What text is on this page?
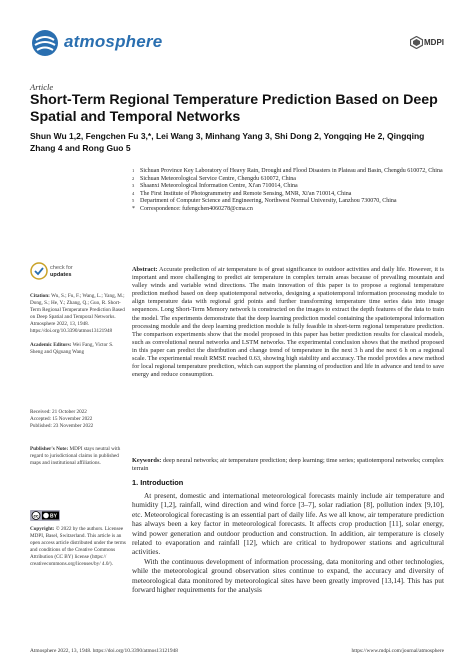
atmosphere	MDPI
Article
Short-Term Regional Temperature Prediction Based on Deep Spatial and Temporal Networks
Shun Wu 1,2, Fengchen Fu 3,*, Lei Wang 3, Minhang Yang 3, Shi Dong 2, Yongqing He 2, Qingqing Zhang 4 and Rong Guo 5
1 Sichuan Province Key Laboratory of Heavy Rain, Drought and Flood Disasters in Plateau and Basin, Chengdu 610072, China
2 Sichuan Meteorological Service Centre, Chengdu 610072, China
3 Shaanxi Meteorological Information Centre, Xi'an 710014, China
4 The First Institute of Photogrammetry and Remote Sensing, MNR, Xi'an 710014, China
5 Department of Computer Science and Engineering, Northwest Normal University, Lanzhou 730070, China
* Correspondence: fufengchen4060278@cma.cn
Abstract: Accurate prediction of air temperature is of great significance to outdoor activities and daily life. However, it is important and more challenging to predict air temperature in complex terrain areas because of prevailing mountain and valley winds and variable wind directions. The main innovation of this paper is to propose a regional temperature prediction method based on deep spatiotemporal networks, designing a spatiotemporal information processing module to align temperature data with regional grid points and further transforming temperature time series data into image sequences. Long Short-Term Memory network is constructed on the images to extract the depth features of the data to train the model. The experiments demonstrate that the deep learning prediction model containing the spatiotemporal information processing module and the deep learning prediction module is fully feasible in short-term regional temperature prediction. The comparison experiments show that the model proposed in this paper has better prediction results for classical models, such as convolutional neural networks and LSTM networks. The experimental conclusion shows that the method proposed in this paper can predict the distribution and change trend of temperature in the next 3 h and the next 6 h on a regional scale. The experimental result RMSE reached 0.63, showing high stability and accuracy. The model provides a new method for local regional temperature prediction, which can support the planning of production and life in advance and tend to save energy and reduce consumption.
Keywords: deep neural networks; air temperature prediction; deep learning; time series; spatiotemporal networks; complex terrain
check for
updates
Citation: Wu, S.; Fu, F.; Wang, L.; Yang, M.; Dong, S.; He, Y.; Zhang, Q.; Guo, R. Short-Term Regional Temperature Prediction Based on Deep Spatial and Temporal Networks. Atmosphere 2022, 13, 1948. https://doi.org/10.3390/atmos13121948

Academic Editors: Wei Fang, Victor S. Sheng and Qiguang Wang
Received: 21 October 2022
Accepted: 15 November 2022
Published: 23 November 2022
Publisher's Note: MDPI stays neutral with regard to jurisdictional claims in published maps and institutional affiliations.
cc BY
Copyright: © 2022 by the authors. Licensee MDPI, Basel, Switzerland. This article is an open access article distributed under the terms and conditions of the Creative Commons Attribution (CC BY) license (https:// creativecommons.org/licenses/by/ 4.0/).
1. Introduction

At present, domestic and international meteorological forecasts mainly include air temperature and humidity [1,2], rainfall, wind direction and wind force [3–7], solar radiation [8], pollution index [9,10], etc. Meteorological forecasting is an essential part of daily life. As we all know, air temperature prediction has always been a key factor in meteorological forecasts. It affects crop production [11], solar energy, wind power generation and outdoor production and construction. In addition, air temperature is closely related to evaporation and rainfall [12], which are critical to hydropower stations and agricultural activities.

With the continuous development of information processing, data monitoring and other technologies, while the meteorological ground observation sites continue to expand, the accuracy and diversity of meteorological data monitored by meteorological sites have been greatly improved [13,14]. This has put forward higher requirements for the analysis

Atmosphere 2022, 13, 1948. https://doi.org/10.3390/atmos13121948	https://www.mdpi.com/journal/atmosphere
